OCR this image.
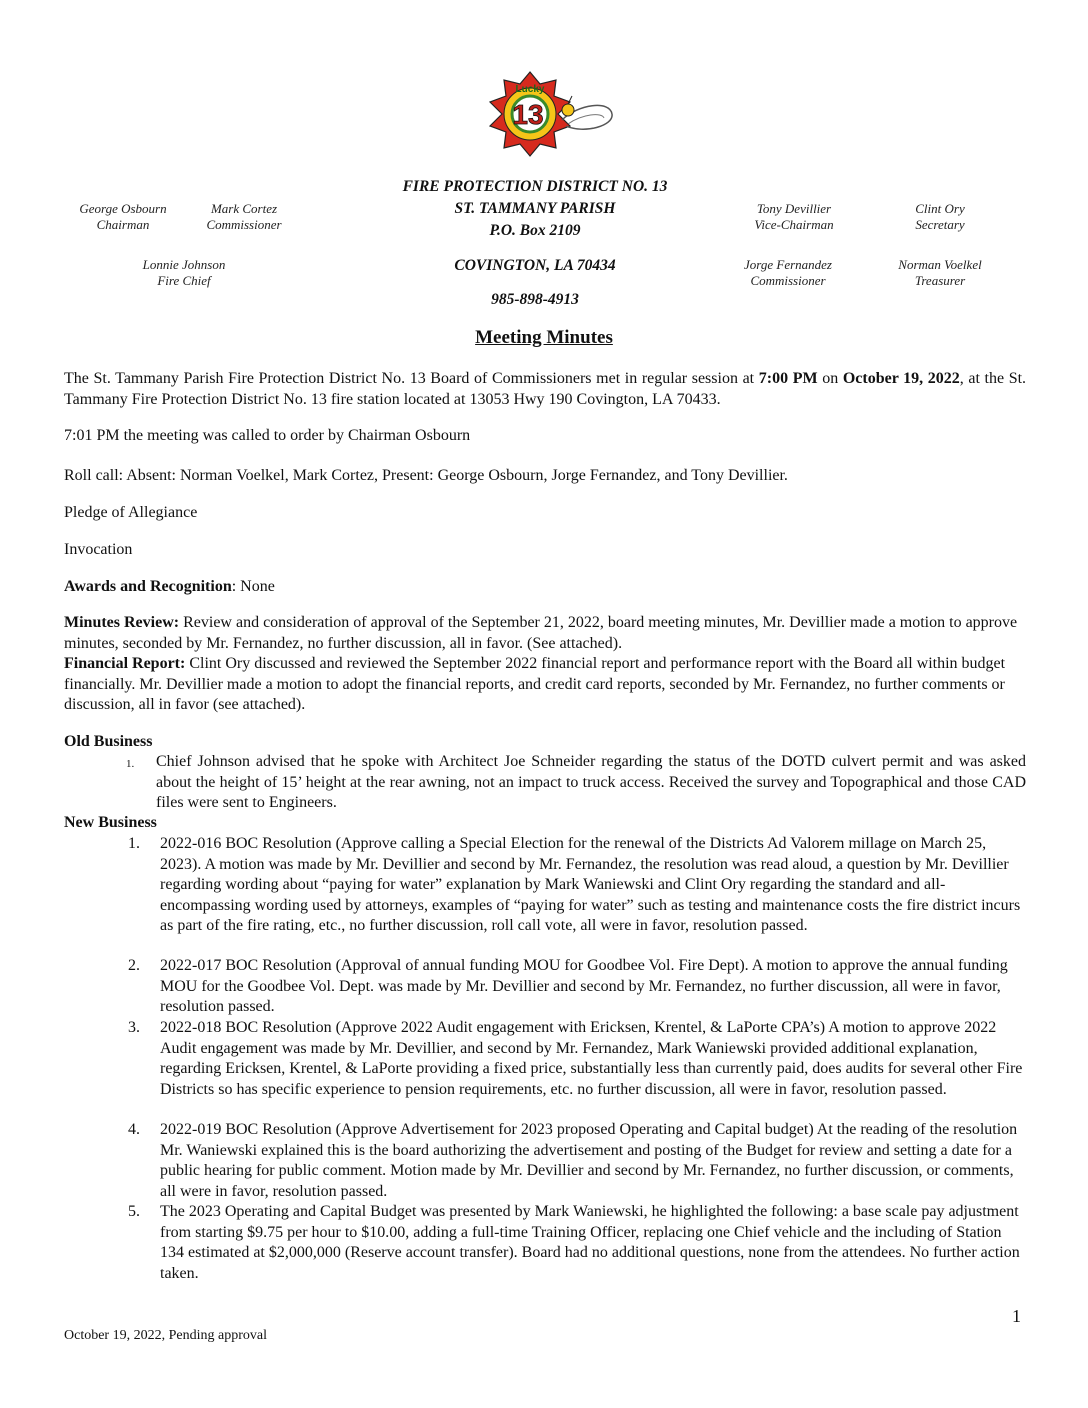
Lucky
13
George Osbourn
Chairman
Mark Cortez
Commissioner
Lonnie Johnson
Fire Chief
Tony Devillier
Vice-Chairman
Clint Ory
Secretary
Jorge Fernandez
Commissioner
Norman Voelkel
Treasurer
FIRE PROTECTION DISTRICT NO. 13
ST. TAMMANY PARISH
P.O. Box 2109
COVINGTON, LA 70434
985-898-4913
Meeting Minutes
The St. Tammany Parish Fire Protection District No. 13 Board of Commissioners met in regular session at 7:00 PM on October 19, 2022, at the St. Tammany Fire Protection District No. 13 fire station located at 13053 Hwy 190 Covington, LA 70433.
7:01 PM the meeting was called to order by Chairman Osbourn
Roll call: Absent: Norman Voelkel, Mark Cortez, Present: George Osbourn, Jorge Fernandez, and Tony Devillier.
Pledge of Allegiance
Invocation
Awards and Recognition: None
Minutes Review: Review and consideration of approval of the September 21, 2022, board meeting minutes, Mr. Devillier made a motion to approve minutes, seconded by Mr. Fernandez, no further discussion, all in favor. (See attached).
Financial Report: Clint Ory discussed and reviewed the September 2022 financial report and performance report with the Board all within budget financially. Mr. Devillier made a motion to adopt the financial reports, and credit card reports, seconded by Mr. Fernandez, no further comments or discussion, all in favor (see attached).
Old Business
1. Chief Johnson advised that he spoke with Architect Joe Schneider regarding the status of the DOTD culvert permit and was asked about the height of 15’ height at the rear awning, not an impact to truck access. Received the survey and Topographical and those CAD files were sent to Engineers.
New Business
1. 2022-016 BOC Resolution (Approve calling a Special Election for the renewal of the Districts Ad Valorem millage on March 25, 2023). A motion was made by Mr. Devillier and second by Mr. Fernandez, the resolution was read aloud, a question by Mr. Devillier regarding wording about “paying for water” explanation by Mark Waniewski and Clint Ory regarding the standard and all-encompassing wording used by attorneys, examples of “paying for water” such as testing and maintenance costs the fire district incurs as part of the fire rating, etc., no further discussion, roll call vote, all were in favor, resolution passed.
2. 2022-017 BOC Resolution (Approval of annual funding MOU for Goodbee Vol. Fire Dept). A motion to approve the annual funding MOU for the Goodbee Vol. Dept. was made by Mr. Devillier and second by Mr. Fernandez, no further discussion, all were in favor, resolution passed.
3. 2022-018 BOC Resolution (Approve 2022 Audit engagement with Ericksen, Krentel, & LaPorte CPA’s) A motion to approve 2022 Audit engagement was made by Mr. Devillier, and second by Mr. Fernandez, Mark Waniewski provided additional explanation, regarding Ericksen, Krentel, & LaPorte providing a fixed price, substantially less than currently paid, does audits for several other Fire Districts so has specific experience to pension requirements, etc. no further discussion, all were in favor, resolution passed.
4. 2022-019 BOC Resolution (Approve Advertisement for 2023 proposed Operating and Capital budget) At the reading of the resolution Mr. Waniewski explained this is the board authorizing the advertisement and posting of the Budget for review and setting a date for a public hearing for public comment. Motion made by Mr. Devillier and second by Mr. Fernandez, no further discussion, or comments, all were in favor, resolution passed.
5. The 2023 Operating and Capital Budget was presented by Mark Waniewski, he highlighted the following: a base scale pay adjustment from starting $9.75 per hour to $10.00, adding a full-time Training Officer, replacing one Chief vehicle and the including of Station 134 estimated at $2,000,000 (Reserve account transfer). Board had no additional questions, none from the attendees. No further action taken.
1
October 19, 2022, Pending approval
